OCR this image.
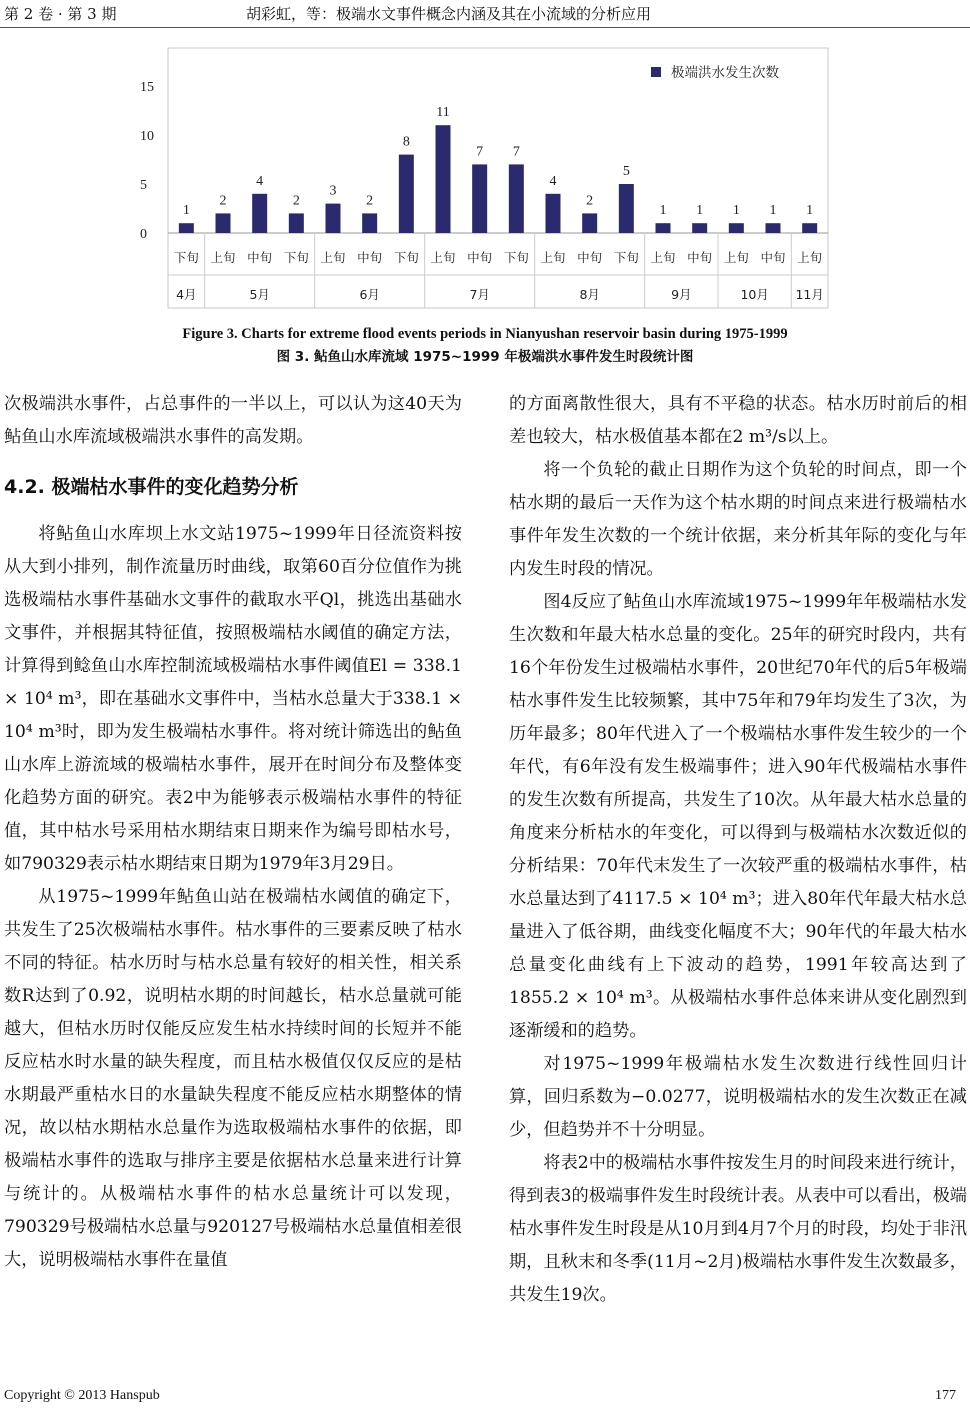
第 2 卷 · 第 3 期	胡彩虹，等：极端水文事件概念内涵及其在小流域的分析应用
0
5
10
15
1
2
4
2
3
2
8
11
7 7
4
2
5
1 1 1 1 1
下旬 上旬 中旬 下旬 上旬 中旬 下旬 上旬 中旬 下旬 上旬 中旬 下旬 上旬 中旬 上旬 中旬 上旬
4月	5月	6月	7月	8月	9月	10月 11月
极端洪水发生次数
Figure 3. Charts for extreme flood events periods in Nianyushan reservoir basin during 1975-1999
图 3. 鲇鱼山水库流域 1975~1999 年极端洪水事件发生时段统计图

次极端洪水事件，占总事件的一半以上，可以认为这40天为鲇鱼山水库流域极端洪水事件的高发期。

4.2. 极端枯水事件的变化趋势分析

将鲇鱼山水库坝上水文站1975~1999年日径流资料按从大到小排列，制作流量历时曲线，取第60百分位值作为挑选极端枯水事件基础水文事件的截取水平Ql，挑选出基础水文事件，并根据其特征值，按照极端枯水阈值的确定方法，计算得到鲶鱼山水库控制流域极端枯水事件阈值El = 338.1 × 10⁴ m³，即在基础水文事件中，当枯水总量大于338.1 × 10⁴ m³时，即为发生极端枯水事件。将对统计筛选出的鲇鱼山水库上游流域的极端枯水事件，展开在时间分布及整体变化趋势方面的研究。表2中为能够表示极端枯水事件的特征值，其中枯水号采用枯水期结束日期来作为编号即枯水号，如790329表示枯水期结束日期为1979年3月29日。

从1975~1999年鲇鱼山站在极端枯水阈值的确定下，共发生了25次极端枯水事件。枯水事件的三要素反映了枯水不同的特征。枯水历时与枯水总量有较好的相关性，相关系数R达到了0.92，说明枯水期的时间越长，枯水总量就可能越大，但枯水历时仅能反应发生枯水持续时间的长短并不能反应枯水时水量的缺失程度，而且枯水极值仅仅反应的是枯水期最严重枯水日的水量缺失程度不能反应枯水期整体的情况，故以枯水期枯水总量作为选取极端枯水事件的依据，即极端枯水事件的选取与排序主要是依据枯水总量来进行计算与统计的。从极端枯水事件的枯水总量统计可以发现，790329号极端枯水总量与920127号极端枯水总量值相差很大，说明极端枯水事件在量值

的方面离散性很大，具有不平稳的状态。枯水历时前后的相差也较大，枯水极值基本都在2 m³/s以上。

将一个负轮的截止日期作为这个负轮的时间点，即一个枯水期的最后一天作为这个枯水期的时间点来进行极端枯水事件年发生次数的一个统计依据，来分析其年际的变化与年内发生时段的情况。

图4反应了鲇鱼山水库流域1975~1999年年极端枯水发生次数和年最大枯水总量的变化。25年的研究时段内，共有16个年份发生过极端枯水事件，20世纪70年代的后5年极端枯水事件发生比较频繁，其中75年和79年均发生了3次，为历年最多；80年代进入了一个极端枯水事件发生较少的一个年代，有6年没有发生极端事件；进入90年代极端枯水事件的发生次数有所提高，共发生了10次。从年最大枯水总量的角度来分析枯水的年变化，可以得到与极端枯水次数近似的分析结果：70年代末发生了一次较严重的极端枯水事件，枯水总量达到了4117.5 × 10⁴ m³；进入80年代年最大枯水总量进入了低谷期，曲线变化幅度不大；90年代的年最大枯水总量变化曲线有上下波动的趋势，1991年较高达到了1855.2 × 10⁴ m³。从极端枯水事件总体来讲从变化剧烈到逐渐缓和的趋势。

对1975~1999年极端枯水发生次数进行线性回归计算，回归系数为−0.0277，说明极端枯水的发生次数正在减少，但趋势并不十分明显。

将表2中的极端枯水事件按发生月的时间段来进行统计，得到表3的极端事件发生时段统计表。从表中可以看出，极端枯水事件发生时段是从10月到4月7个月的时段，均处于非汛期，且秋末和冬季(11月~2月)极端枯水事件发生次数最多，共发生19次。

Copyright © 2013 Hanspub	177
